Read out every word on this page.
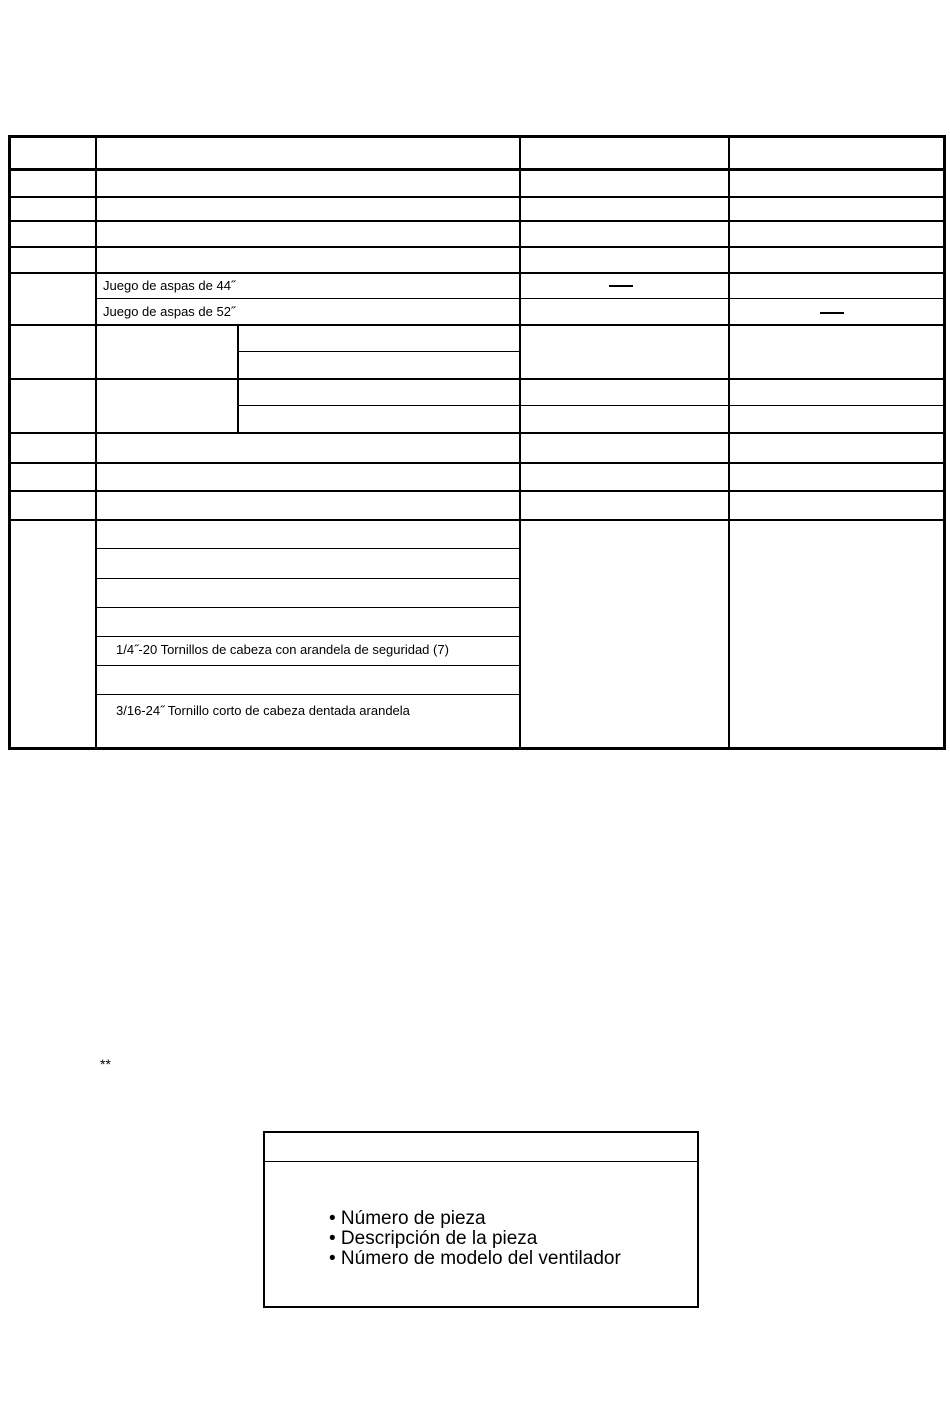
Juego de aspas de 44˝
Juego de aspas de 52˝
1/4˝-20 Tornillos de cabeza con arandela de seguridad (7)
3/16-24˝ Tornillo corto de cabeza dentada arandela
**
• Número de pieza
• Descripción de la pieza
• Número de modelo del ventilador
